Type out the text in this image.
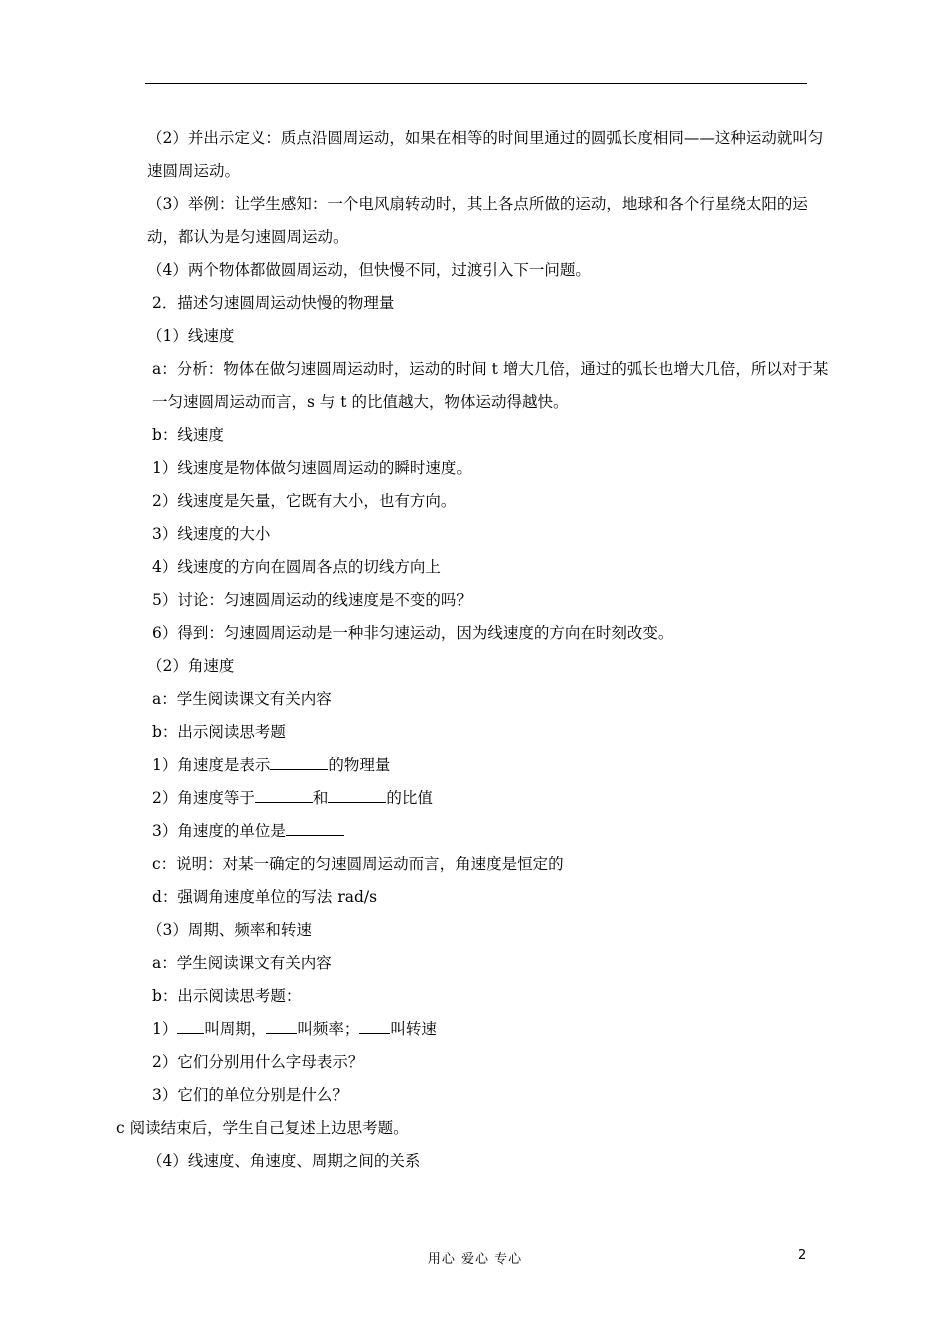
（2）并出示定义：质点沿圆周运动，如果在相等的时间里通过的圆弧长度相同——这种运动就叫匀速圆周运动。
（3）举例：让学生感知：一个电风扇转动时，其上各点所做的运动，地球和各个行星绕太阳的运动，都认为是匀速圆周运动。
（4）两个物体都做圆周运动，但快慢不同，过渡引入下一问题。
2．描述匀速圆周运动快慢的物理量
（1）线速度
a：分析：物体在做匀速圆周运动时，运动的时间 t 增大几倍，通过的弧长也增大几倍，所以对于某一匀速圆周运动而言，s 与 t 的比值越大，物体运动得越快。
b：线速度
1）线速度是物体做匀速圆周运动的瞬时速度。
2）线速度是矢量，它既有大小，也有方向。
3）线速度的大小
4）线速度的方向在圆周各点的切线方向上
5）讨论：匀速圆周运动的线速度是不变的吗？
6）得到：匀速圆周运动是一种非匀速运动，因为线速度的方向在时刻改变。
（2）角速度
a：学生阅读课文有关内容
b：出示阅读思考题
1）角速度是表示	的物理量
2）角速度等于	和	的比值
3）角速度的单位是
c：说明：对某一确定的匀速圆周运动而言，角速度是恒定的
d：强调角速度单位的写法 rad/s
（3）周期、频率和转速
a：学生阅读课文有关内容
b：出示阅读思考题：
1） 叫周期， 叫频率； 叫转速
2）它们分别用什么字母表示？
3）它们的单位分别是什么？
c 阅读结束后，学生自己复述上边思考题。
（4）线速度、角速度、周期之间的关系
用心 爱心 专心	2
